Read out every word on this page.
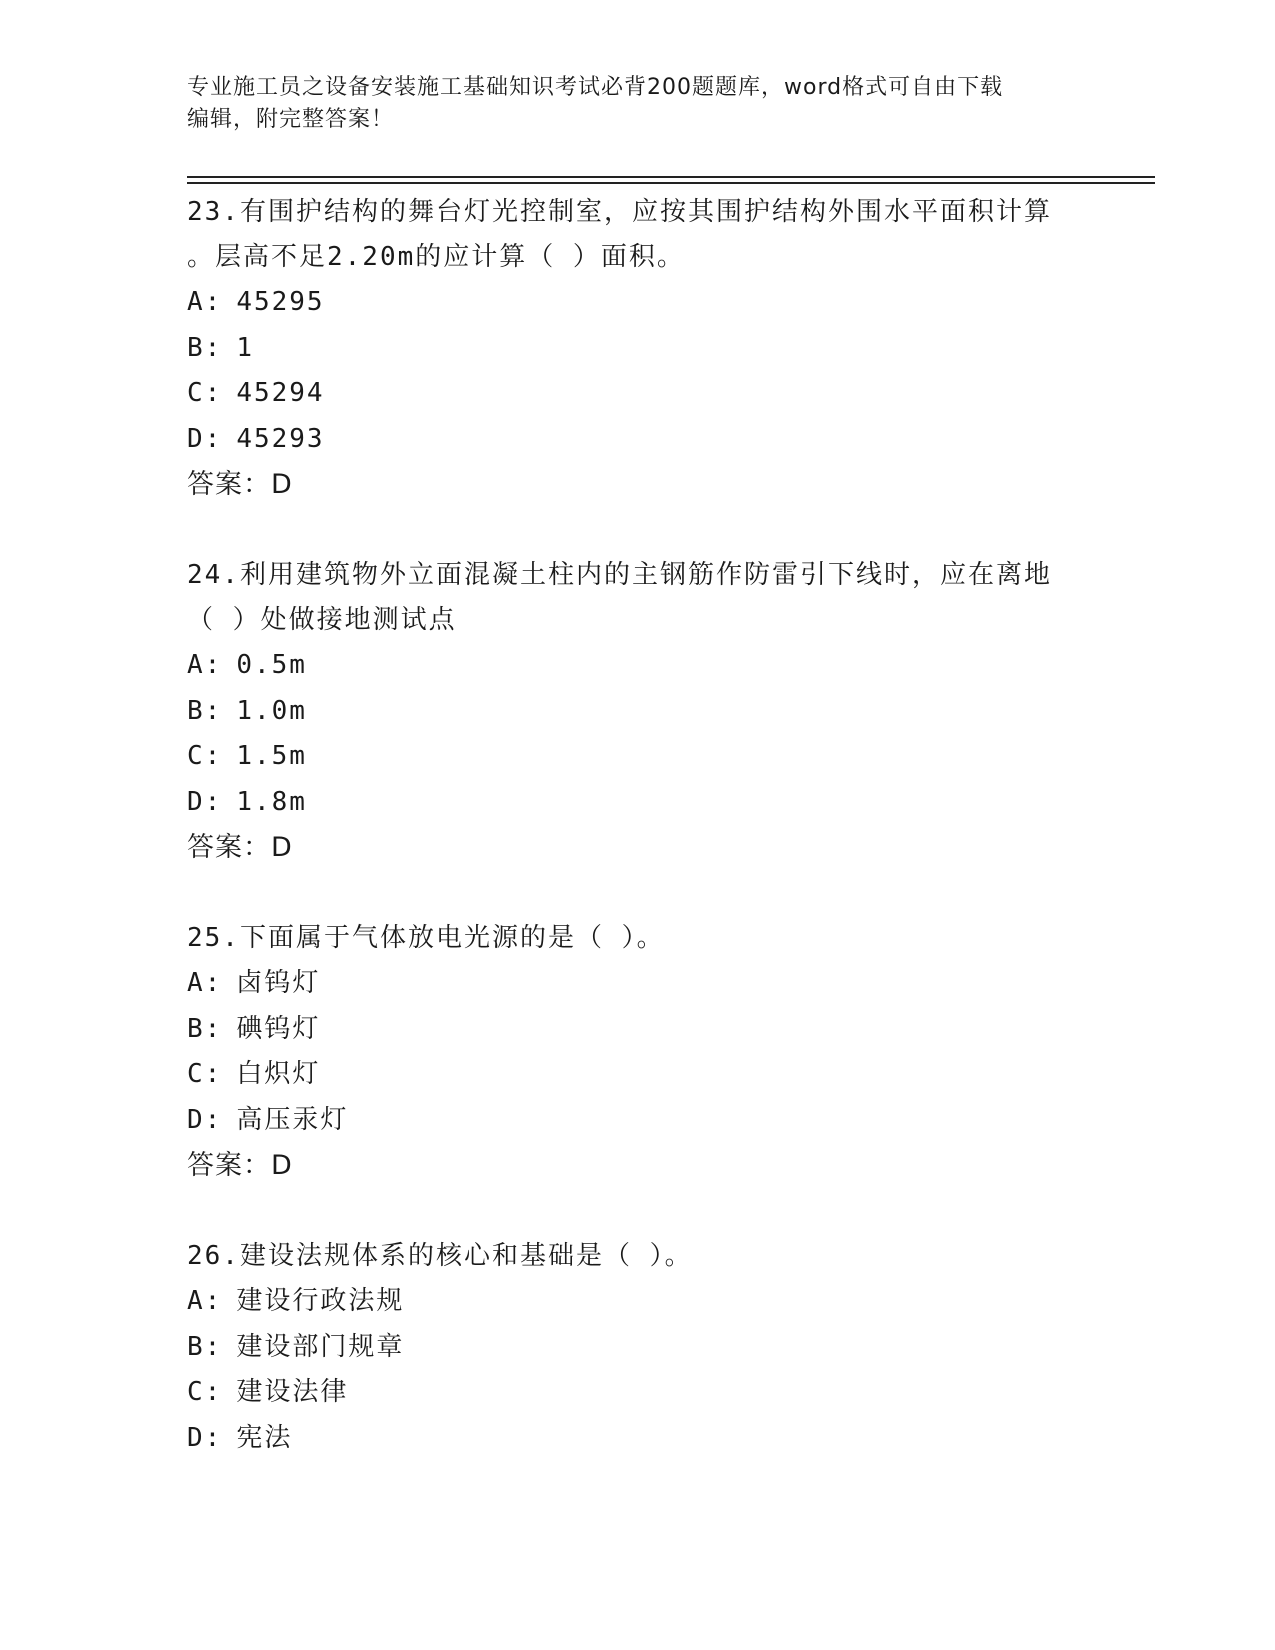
专业施工员之设备安装施工基础知识考试必背200题题库，word格式可自由下载
编辑，附完整答案！

23.有围护结构的舞台灯光控制室，应按其围护结构外围水平面积计算

。层高不足2.20m的应计算（ ）面积。

A: 45295
B: 1
C: 45294
D: 45293
答案：D

24.利用建筑物外立面混凝土柱内的主钢筋作防雷引下线时，应在离地

（ ）处做接地测试点

A: 0.5m
B: 1.0m
C: 1.5m
D: 1.8m
答案：D

25.下面属于气体放电光源的是（ ）。

A: 卤钨灯
B: 碘钨灯
C: 白炽灯
D: 高压汞灯
答案：D

26.建设法规体系的核心和基础是（ ）。

A: 建设行政法规
B: 建设部门规章
C: 建设法律
D: 宪法
